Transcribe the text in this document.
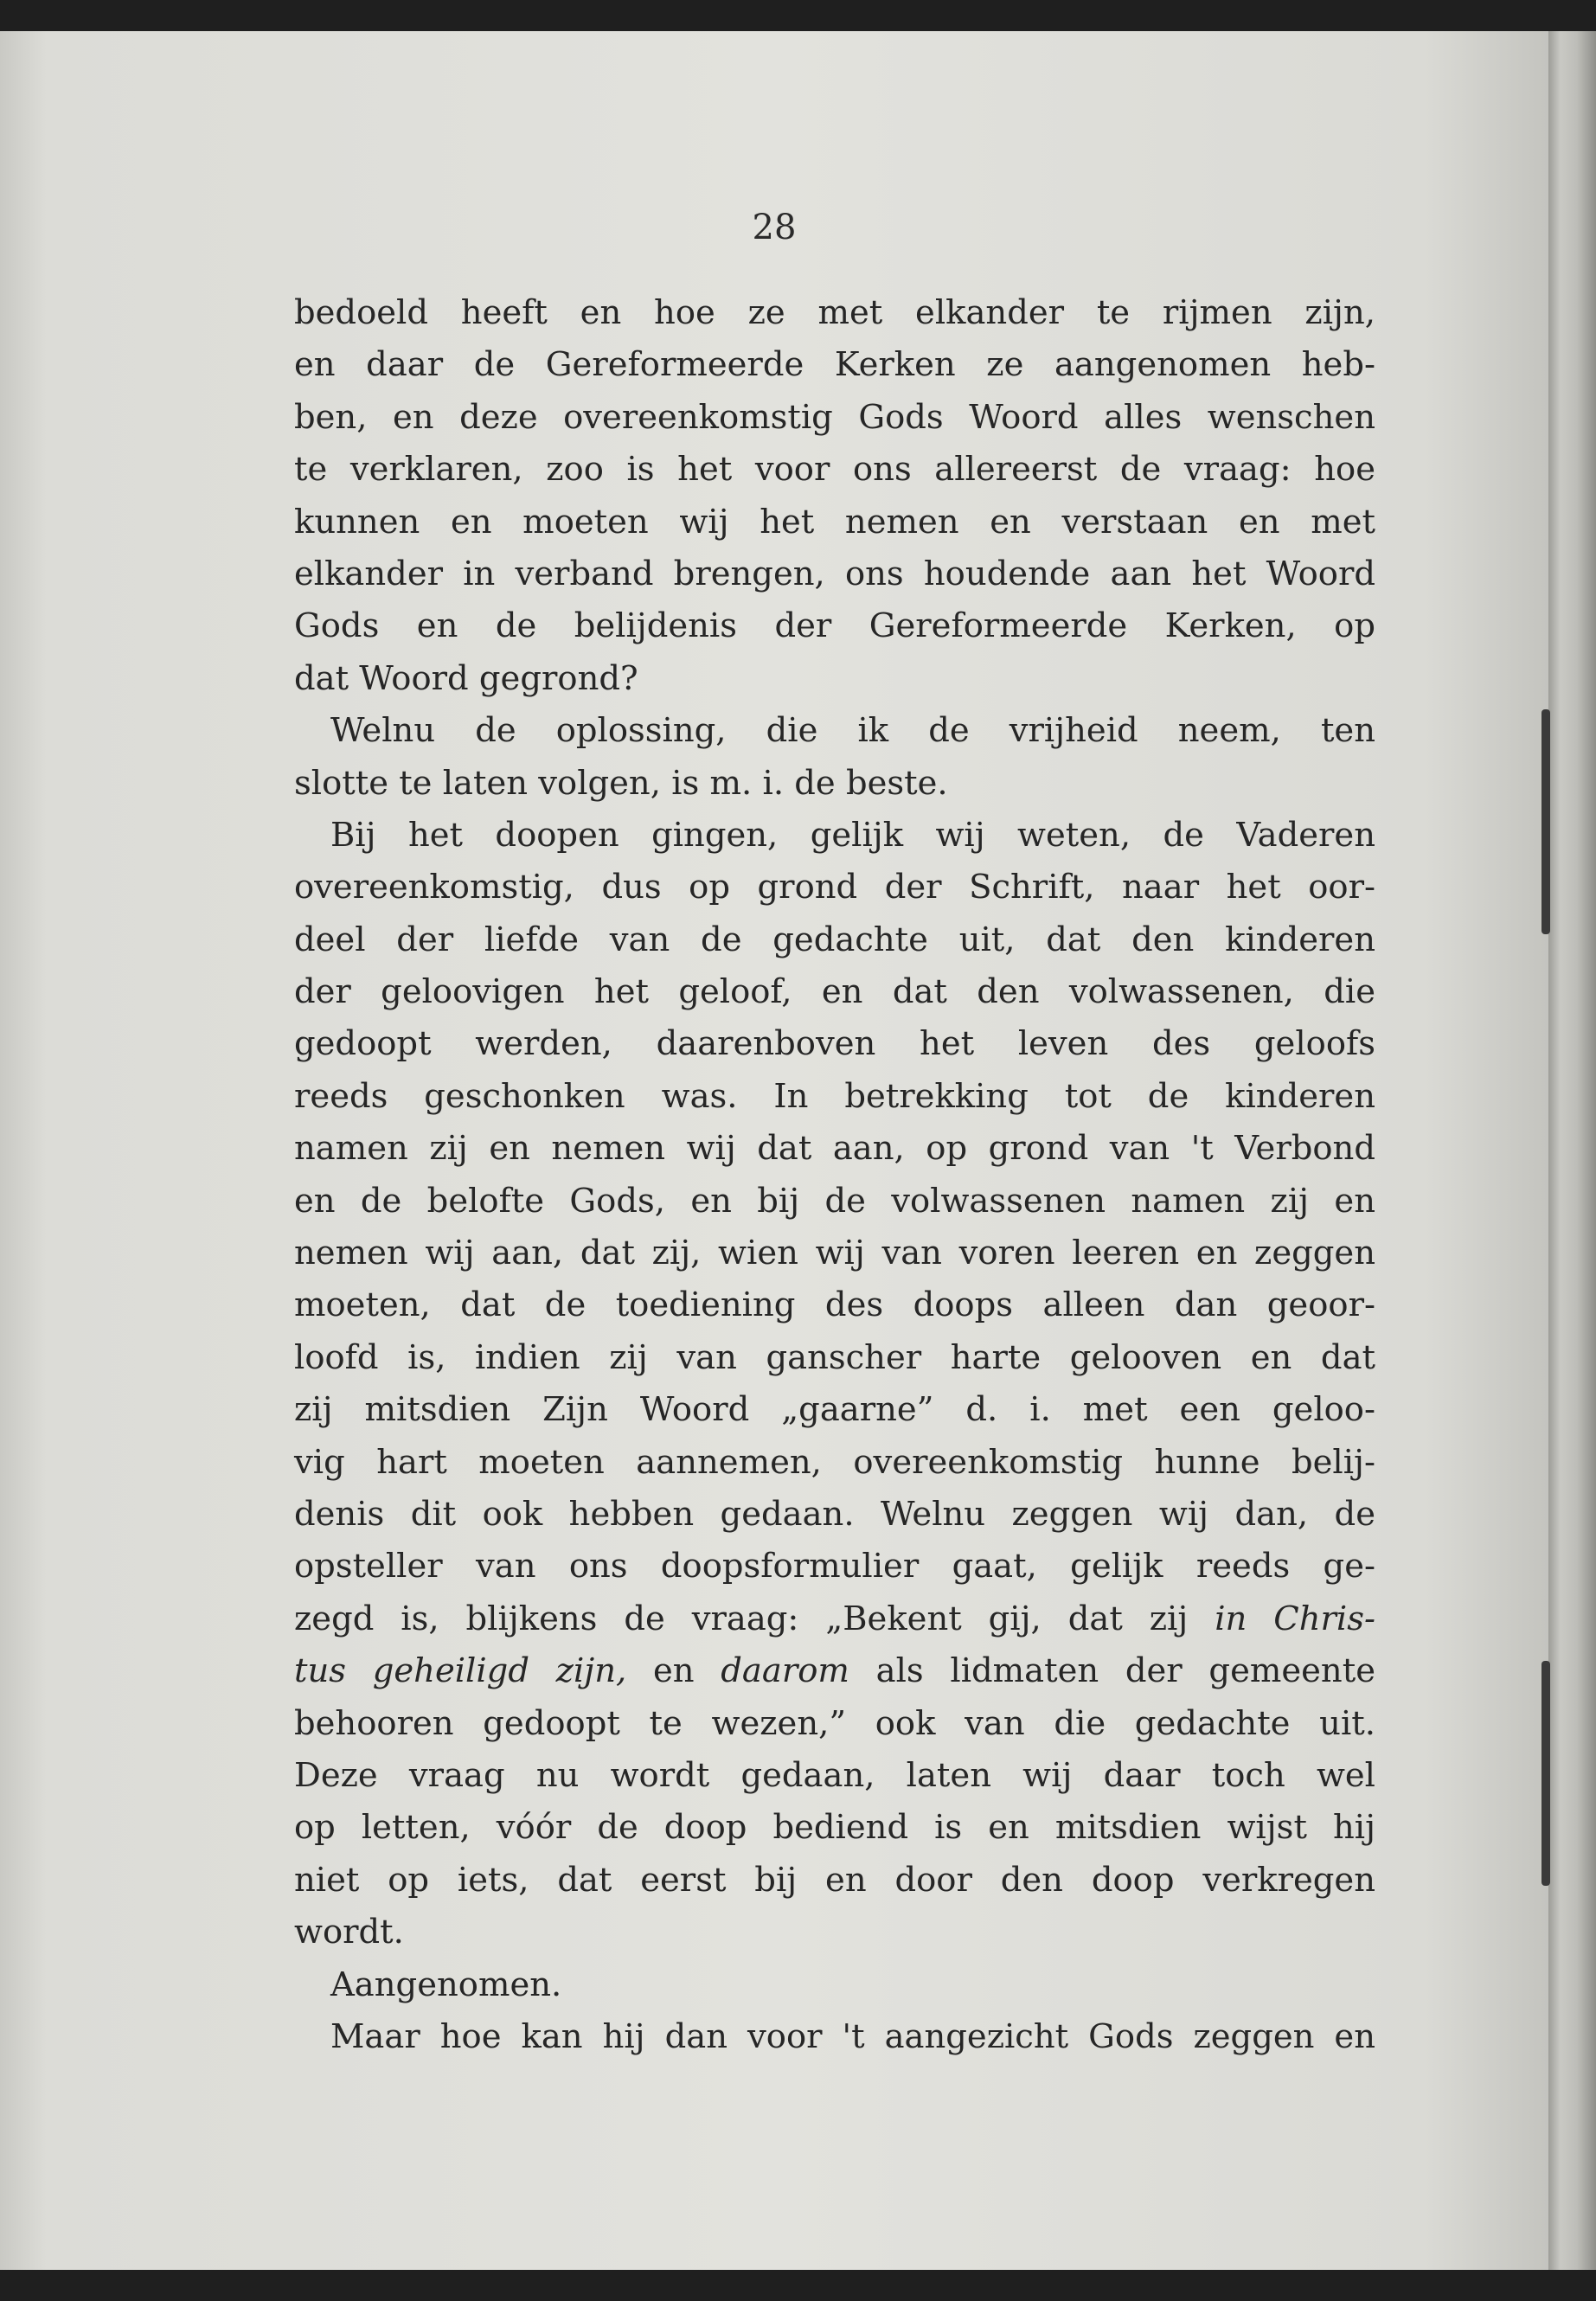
28
bedoeld heeft en hoe ze met elkander te rijmen zijn,
en daar de Gereformeerde Kerken ze aangenomen heb-
ben, en deze overeenkomstig Gods Woord alles wenschen
te verklaren, zoo is het voor ons allereerst de vraag: hoe
kunnen en moeten wij het nemen en verstaan en met
elkander in verband brengen, ons houdende aan het Woord
Gods en de belijdenis der Gereformeerde Kerken, op
dat Woord gegrond?
Welnu de oplossing, die ik de vrijheid neem, ten
slotte te laten volgen, is m. i. de beste.
Bij het doopen gingen, gelijk wij weten, de Vaderen
overeenkomstig, dus op grond der Schrift, naar het oor-
deel der liefde van de gedachte uit, dat den kinderen
der geloovigen het geloof, en dat den volwassenen, die
gedoopt werden, daarenboven het leven des geloofs
reeds geschonken was. In betrekking tot de kinderen
namen zij en nemen wij dat aan, op grond van 't Verbond
en de belofte Gods, en bij de volwassenen namen zij en
nemen wij aan, dat zij, wien wij van voren leeren en zeggen
moeten, dat de toediening des doops alleen dan geoor-
loofd is, indien zij van ganscher harte gelooven en dat
zij mitsdien Zijn Woord „gaarne” d. i. met een geloo-
vig hart moeten aannemen, overeenkomstig hunne belij-
denis dit ook hebben gedaan. Welnu zeggen wij dan, de
opsteller van ons doopsformulier gaat, gelijk reeds ge-
zegd is, blijkens de vraag: „Bekent gij, dat zij in Chris-
tus geheiligd zijn, en daarom als lidmaten der gemeente
behooren gedoopt te wezen,” ook van die gedachte uit.
Deze vraag nu wordt gedaan, laten wij daar toch wel
op letten, vóór de doop bediend is en mitsdien wijst hij
niet op iets, dat eerst bij en door den doop verkregen
wordt.
Aangenomen.
Maar hoe kan hij dan voor 't aangezicht Gods zeggen en
